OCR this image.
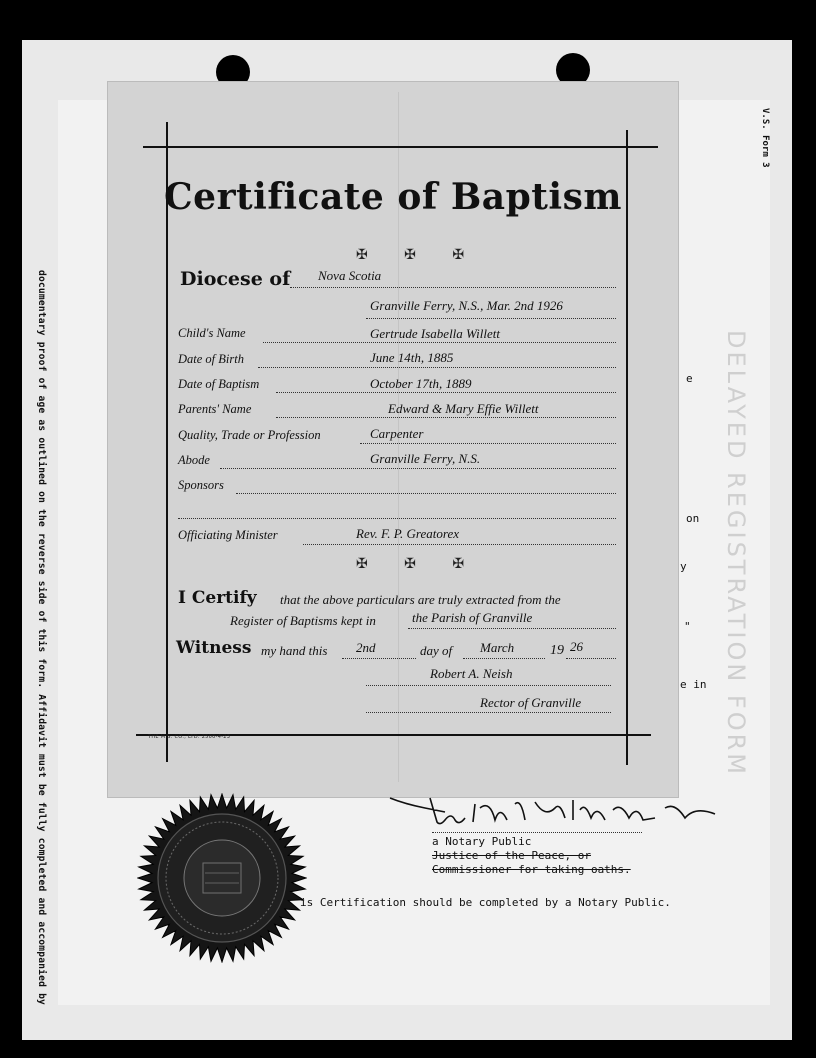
documentary proof of age as outlined on the reverse side of this form. Affidavit must be fully completed and accompanied by
V.S. Form 3
DELAYED REGISTRATION FORM
e
on
y
"
e in
Certificate of Baptism
✠ ✠ ✠
Diocese of Nova Scotia
Granville Ferry, N.S., Mar. 2nd 1926
Child's Name	Gertrude Isabella Willett
Date of Birth	June 14th, 1885
Date of Baptism	October 17th, 1889
Parents' Name	Edward & Mary Effie Willett
Quality, Trade or Profession	Carpenter
Abode	Granville Ferry, N.S.
Sponsors
Officiating Minister	Rev. F. P. Greatorex
✠ ✠ ✠
I Certify that the above particulars are truly extracted from the
Register of Baptisms kept in	the Parish of Granville
Witness my hand this 2nd	day of March	19 26
Robert A. Neish
Rector of Granville
THE M.S. CO., LTD. 2500-4-23
a Notary Public
Justice of the Peace, or
Commissioner for taking oaths.
is Certification should be completed by a Notary Public.
